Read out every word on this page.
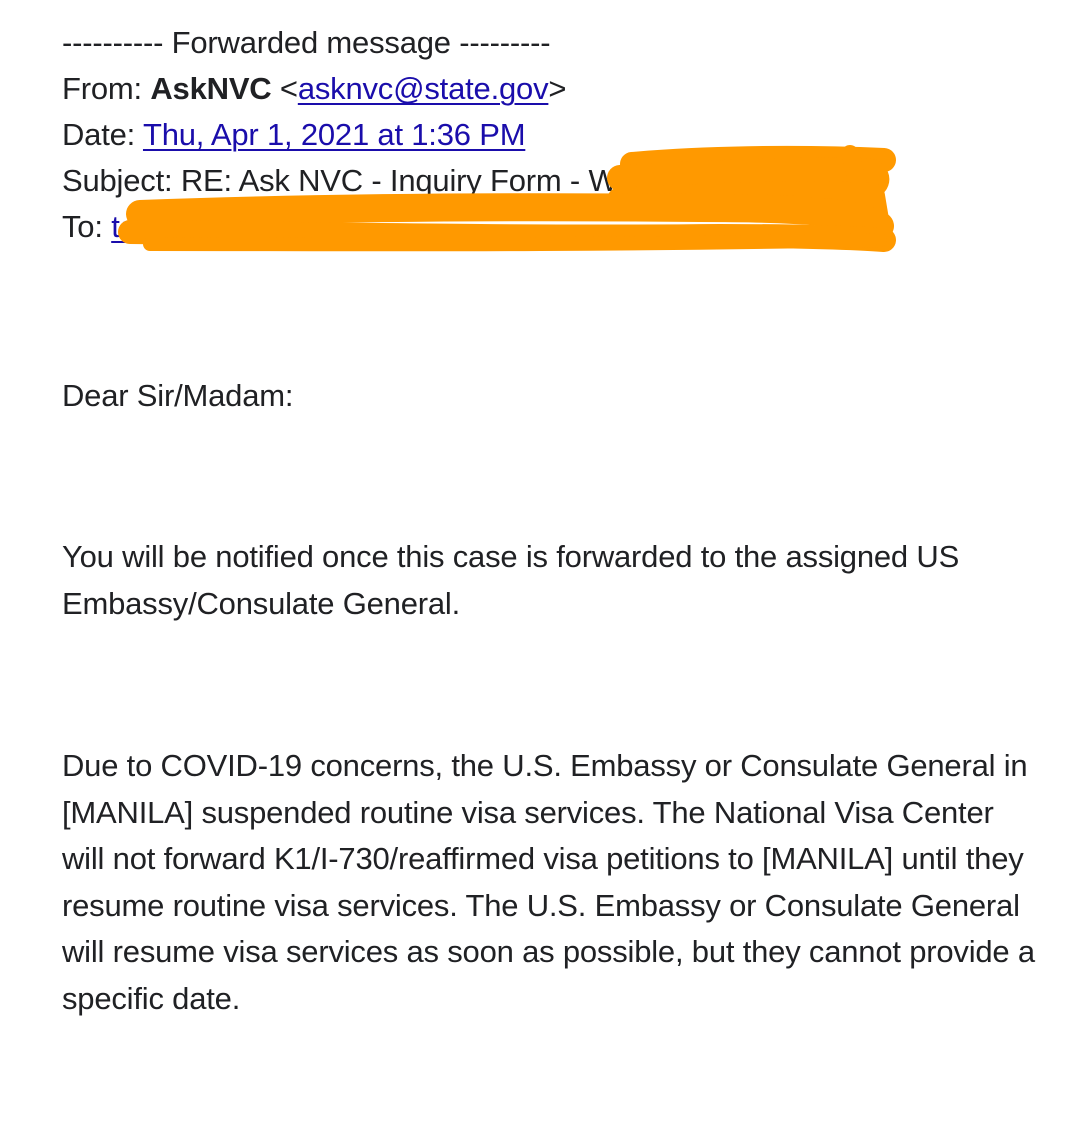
---------- Forwarded message ---------
From: AskNVC <asknvc@state.gov>
Date: Thu, Apr 1, 2021 at 1:36 PM
Subject: RE: Ask NVC - Inquiry Form - W
To: ta
Dear Sir/Madam:
You will be notified once this case is forwarded to the assigned US Embassy/Consulate General.
Due to COVID-19 concerns, the U.S. Embassy or Consulate General in [MANILA] suspended routine visa services. The National Visa Center will not forward K1/I-730/reaffirmed visa petitions to [MANILA] until they resume routine visa services. The U.S. Embassy or Consulate General will resume visa services as soon as possible, but they cannot provide a specific date.
